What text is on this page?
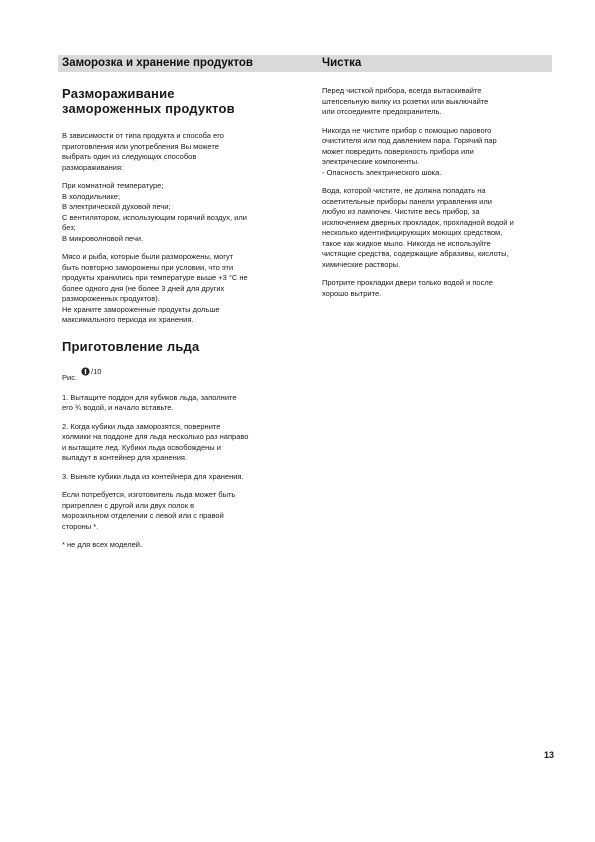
Заморозка и хранение продуктов	Чистка
Размораживание
замороженных продуктов

В зависимости от типа продукта и способа его
приготовления или употребления Вы можете
выбрать один из следующих способов
размораживания:

При комнатной температуре;
В холодильнике;
В электрической духовой печи;
С вентилятором, использующим горячий воздух, или
без;
В микроволновой печи.

Мясо и рыба, которые были разморожены, могут
быть повторно заморожены при условии, что эти
продукты хранились при температуре выше +3 °С не
более одного дня (не более 3 дней для других
размороженных продуктов).
Не храните замороженные продукты дольше
максимального периода их хранения.

Приготовление льда
Рис.
/10

1. Вытащите поддон для кубиков льда, заполните
его ¾ водой, и начало вставьте.

2. Когда кубики льда заморозятся, поверните
холмики на поддоне для льда несколько раз направо
и вытащите лед. Кубики льда освобождены и
выпадут в контейнер для хранения.

3. Выньте кубики льда из контейнера для хранения.

Если потребуется, изготовитель льда может быть
пригреплен с другой или двух полок в
морозильном отделении с левой или с правой
стороны *.

* не для всех моделей.

Перед чисткой прибора, всегда вытаскивайте
штепсельную вилку из розетки или выключайте
или отсоедините предохранитель.

Никогда не чистите прибор с помощью парового
очистителя или под давлением пара. Горячий пар
может повредить поверхность прибора или
электрические компоненты.
- Опасность электрического шока.

Вода, которой чистите, не должна попадать на
осветительные приборы панели управления или
любую из лампочек. Чистите весь прибор, за
исключением дверных прокладок, прохладной водой и
несколько идентифицирующих моющих средством,
такое как жидкое мыло. Никогда не используйте
чистящие средства, содержащие абразивы, кислоты,
химические растворы.

Протрите прокладки двери только водой и после
хорошо вытрите.

13
